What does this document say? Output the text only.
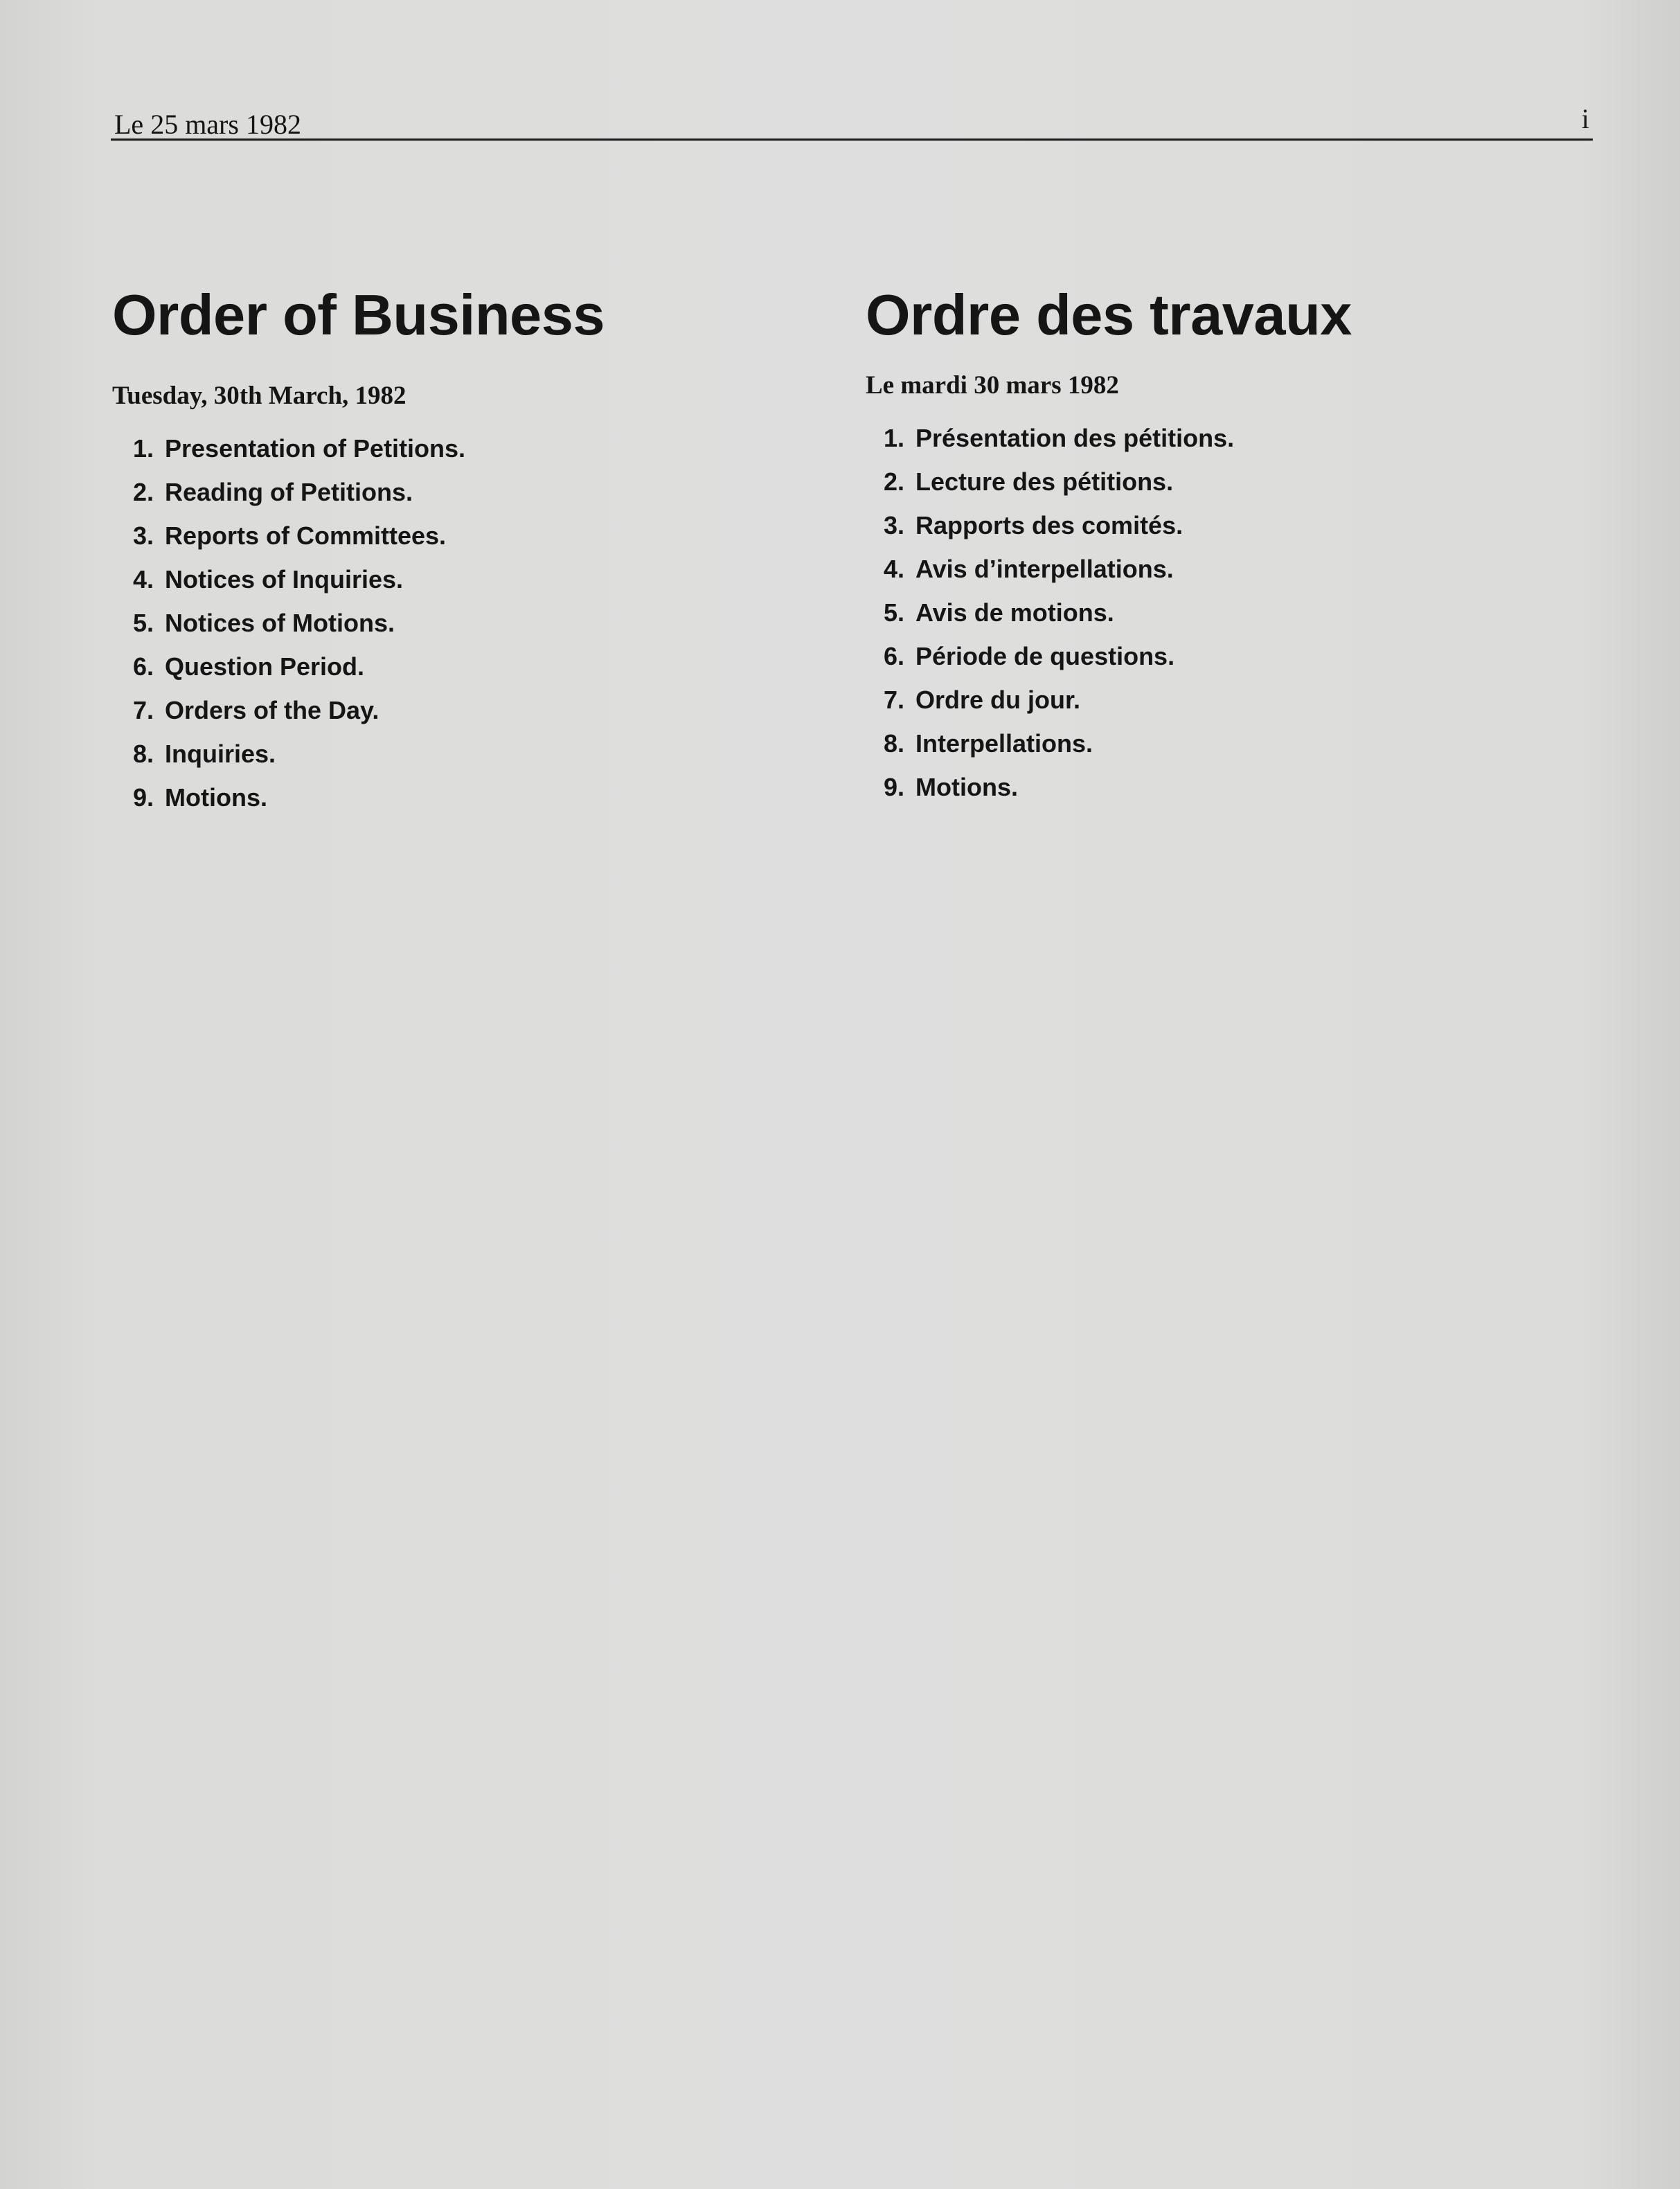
Le 25 mars 1982	i
Order of Business

Tuesday, 30th March, 1982

1. Presentation of Petitions.
2. Reading of Petitions.
3. Reports of Committees.
4. Notices of Inquiries.
5. Notices of Motions.
6. Question Period.
7. Orders of the Day.
8. Inquiries.
9. Motions.
Ordre des travaux

Le mardi 30 mars 1982

1. Présentation des pétitions.
2. Lecture des pétitions.
3. Rapports des comités.
4. Avis d’interpellations.
5. Avis de motions.
6. Période de questions.
7. Ordre du jour.
8. Interpellations.
9. Motions.
